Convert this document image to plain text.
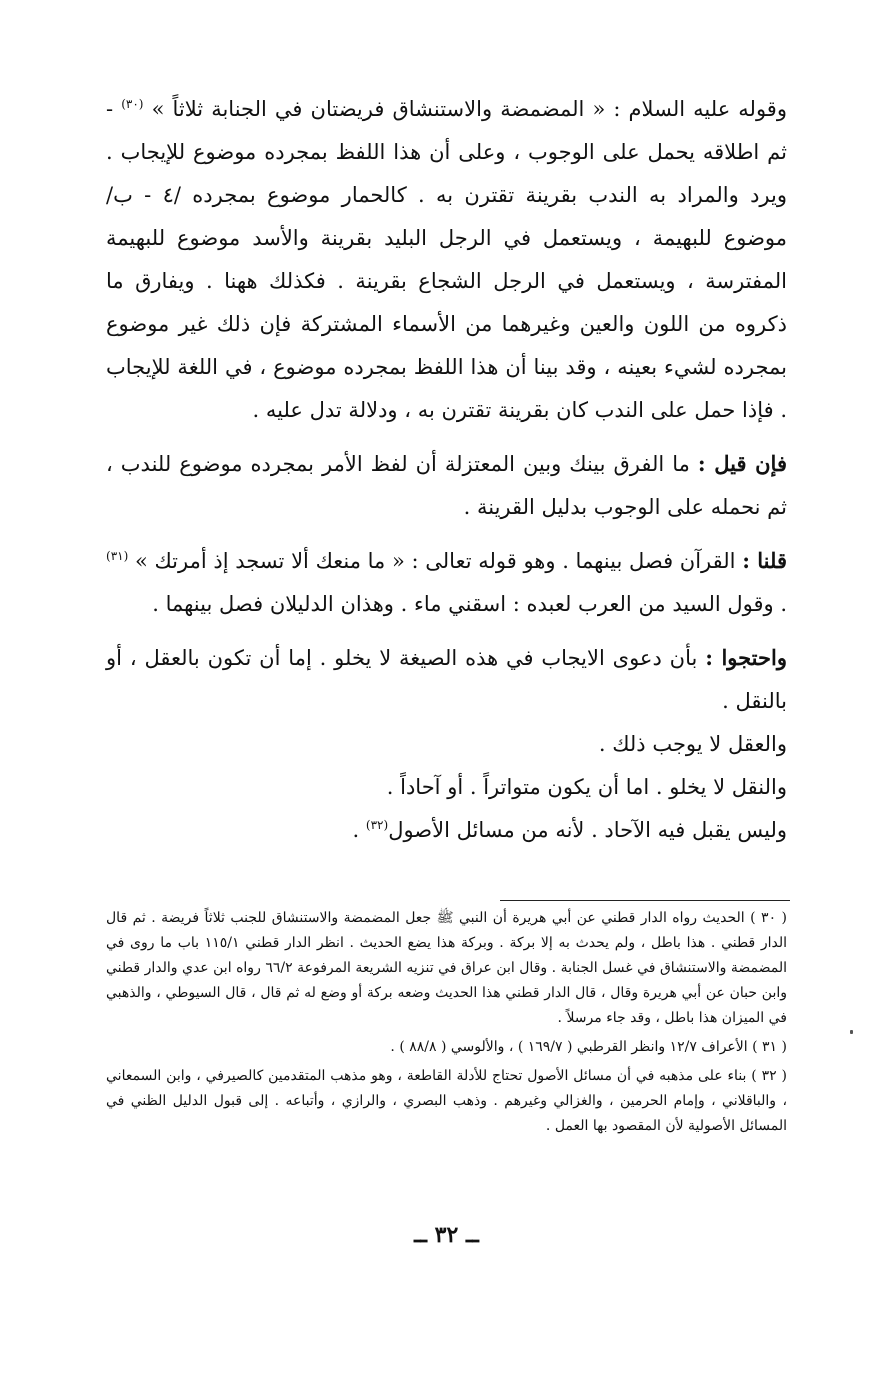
وقوله عليه السلام : « المضمضة والاستنشاق فريضتان في الجنابة ثلاثاً » $^{(٣٠)}$ - ثم اطلاقه يحمل على الوجوب ، وعلى أن هذا اللفظ بمجرده موضوع للإيجاب . ويرد والمراد به الندب بقرينة تقترن به . كالحمار موضوع بمجرده /٤ - ب/ موضوع للبهيمة ، ويستعمل في الرجل البليد بقرينة والأسد موضوع للبهيمة المفترسة ، ويستعمل في الرجل الشجاع بقرينة . فكذلك ههنا . ويفارق ما ذكروه من اللون والعين وغيرهما من الأسماء المشتركة فإن ذلك غير موضوع بمجرده لشيء بعينه ، وقد بينا أن هذا اللفظ بمجرده موضوع ، في اللغة للإيجاب . فإذا حمل على الندب كان بقرينة تقترن به ، ودلالة تدل عليه .

فإن قيل : ما الفرق بينك وبين المعتزلة أن لفظ الأمر بمجرده موضوع للندب ، ثم نحمله على الوجوب بدليل القرينة .

قلنا : القرآن فصل بينهما . وهو قوله تعالى : « ما منعك ألا تسجد إذ أمرتك » $^{(٣١)}$ . وقول السيد من العرب لعبده : اسقني ماء . وهذان الدليلان فصل بينهما .

واحتجوا : بأن دعوى الايجاب في هذه الصيغة لا يخلو . إما أن تكون بالعقل ، أو بالنقل .

والعقل لا يوجب ذلك .

والنقل لا يخلو . اما أن يكون متواتراً . أو آحاداً .

وليس يقبل فيه الآحاد . لأنه من مسائل الأصول$^{(٣٢)}$ .

( ٣٠ ) الحديث رواه الدار قطني عن أبي هريرة أن النبي ﷺ جعل المضمضة والاستنشاق للجنب ثلاثاً فريضة . ثم قال الدار قطني . هذا باطل ، ولم يحدث به إلا بركة . وبركة هذا يضع الحديث . انظر الدار قطني ١١٥/١ باب ما روى في المضمضة والاستنشاق في غسل الجنابة . وقال ابن عراق في تنزيه الشريعة المرفوعة ٦٦/٢ رواه ابن عدي والدار قطني وابن حبان عن أبي هريرة وقال ، قال الدار قطني هذا الحديث وضعه بركة أو وضع له ثم قال ، قال السيوطي ، والذهبي في الميزان هذا باطل ، وقد جاء مرسلاً .

( ٣١ ) الأعراف ١٢/٧ وانظر القرطبي ( ١٦٩/٧ ) ، والألوسي ( ٨٨/٨ ) .

( ٣٢ ) بناء على مذهبه في أن مسائل الأصول تحتاج للأدلة القاطعة ، وهو مذهب المتقدمين كالصيرفي ، وابن السمعاني ، والباقلاني ، وإمام الحرمين ، والغزالي وغيرهم . وذهب البصري ، والرازي ، وأتباعه . إلى قبول الدليل الظني في المسائل الأصولية لأن المقصود بها العمل .

ــ ٣٢ ــ
